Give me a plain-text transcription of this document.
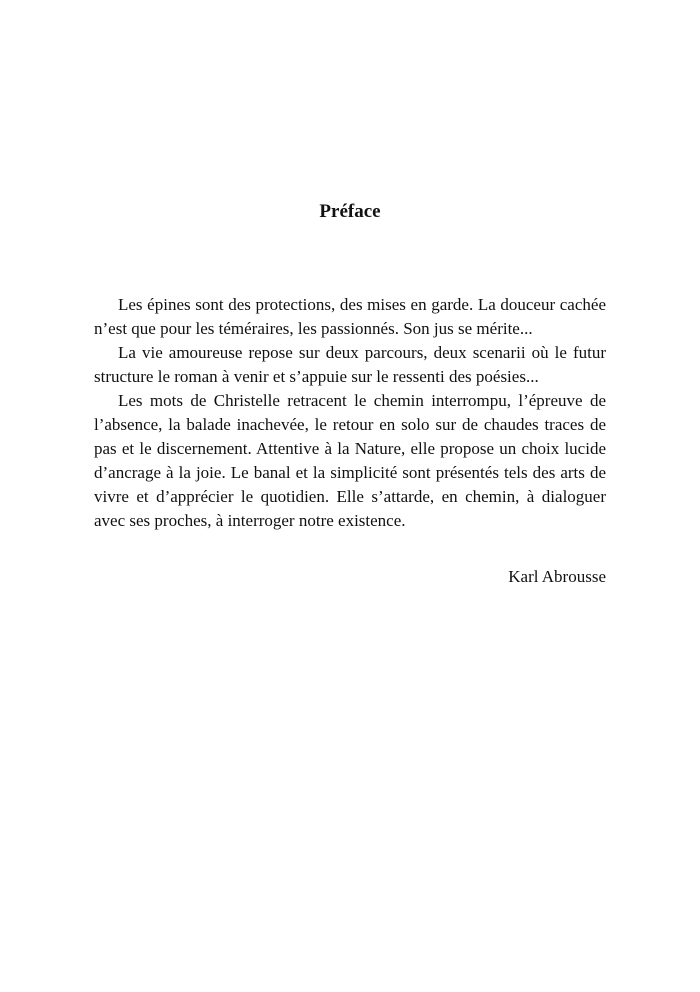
Préface

Les épines sont des protections, des mises en garde. La douceur cachée n’est que pour les téméraires, les passionnés. Son jus se mérite...

La vie amoureuse repose sur deux parcours, deux scenarii où le futur structure le roman à venir et s’appuie sur le ressenti des poésies...

Les mots de Christelle retracent le chemin interrompu, l’épreuve de l’absence, la balade inachevée, le retour en solo sur de chaudes traces de pas et le discernement. Attentive à la Nature, elle propose un choix lucide d’ancrage à la joie. Le banal et la simplicité sont présentés tels des arts de vivre et d’apprécier le quotidien. Elle s’attarde, en chemin, à dialoguer avec ses proches, à interroger notre existence.

Karl Abrousse
